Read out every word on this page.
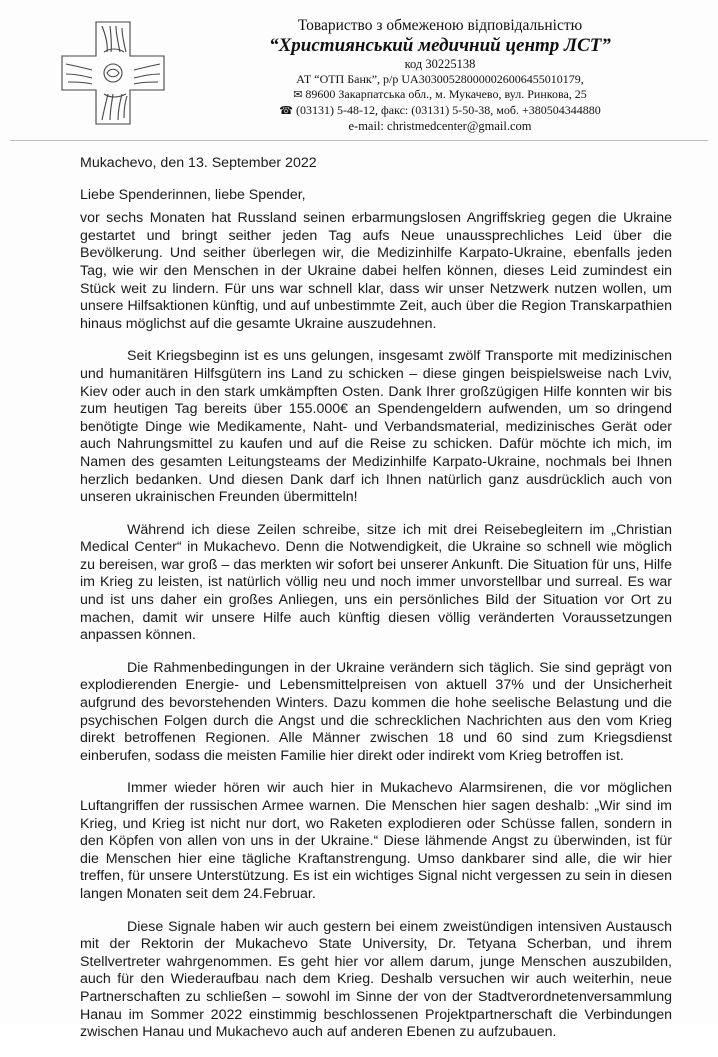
Товариство з обмеженою відповідальністю
“Християнський медичний центр ЛСТ”
код 30225138
АТ “ОТП Банк”, р/р UA303005280000026006455010179,
✉ 89600 Закарпатська обл., м. Мукачево, вул. Ринкова, 25
☎ (03131) 5-48-12, факс: (03131) 5-50-38, моб. +380504344880
e-mail: christmedcenter@gmail.com

Mukachevo, den 13. September 2022

Liebe Spenderinnen, liebe Spender,

vor sechs Monaten hat Russland seinen erbarmungslosen Angriffskrieg gegen die Ukraine gestartet und bringt seither jeden Tag aufs Neue unaussprechliches Leid über die Bevölkerung. Und seither überlegen wir, die Medizinhilfe Karpato-Ukraine, ebenfalls jeden Tag, wie wir den Menschen in der Ukraine dabei helfen können, dieses Leid zumindest ein Stück weit zu lindern. Für uns war schnell klar, dass wir unser Netzwerk nutzen wollen, um unsere Hilfsaktionen künftig, und auf unbestimmte Zeit, auch über die Region Transkarpathien hinaus möglichst auf die gesamte Ukraine auszudehnen.

Seit Kriegsbeginn ist es uns gelungen, insgesamt zwölf Transporte mit medizinischen und humanitären Hilfsgütern ins Land zu schicken – diese gingen beispielsweise nach Lviv, Kiev oder auch in den stark umkämpften Osten. Dank Ihrer großzügigen Hilfe konnten wir bis zum heutigen Tag bereits über 155.000€ an Spendengeldern aufwenden, um so dringend benötigte Dinge wie Medikamente, Naht- und Verbandsmaterial, medizinisches Gerät oder auch Nahrungsmittel zu kaufen und auf die Reise zu schicken. Dafür möchte ich mich, im Namen des gesamten Leitungsteams der Medizinhilfe Karpato-Ukraine, nochmals bei Ihnen herzlich bedanken. Und diesen Dank darf ich Ihnen natürlich ganz ausdrücklich auch von unseren ukrainischen Freunden übermitteln!

Während ich diese Zeilen schreibe, sitze ich mit drei Reisebegleitern im „Christian Medical Center“ in Mukachevo. Denn die Notwendigkeit, die Ukraine so schnell wie möglich zu bereisen, war groß – das merkten wir sofort bei unserer Ankunft. Die Situation für uns, Hilfe im Krieg zu leisten, ist natürlich völlig neu und noch immer unvorstellbar und surreal. Es war und ist uns daher ein großes Anliegen, uns ein persönliches Bild der Situation vor Ort zu machen, damit wir unsere Hilfe auch künftig diesen völlig veränderten Voraussetzungen anpassen können.

Die Rahmenbedingungen in der Ukraine verändern sich täglich. Sie sind geprägt von explodierenden Energie- und Lebensmittelpreisen von aktuell 37% und der Unsicherheit aufgrund des bevorstehenden Winters. Dazu kommen die hohe seelische Belastung und die psychischen Folgen durch die Angst und die schrecklichen Nachrichten aus den vom Krieg direkt betroffenen Regionen. Alle Männer zwischen 18 und 60 sind zum Kriegsdienst einberufen, sodass die meisten Familie hier direkt oder indirekt vom Krieg betroffen ist.

Immer wieder hören wir auch hier in Mukachevo Alarmsirenen, die vor möglichen Luftangriffen der russischen Armee warnen. Die Menschen hier sagen deshalb: „Wir sind im Krieg, und Krieg ist nicht nur dort, wo Raketen explodieren oder Schüsse fallen, sondern in den Köpfen von allen von uns in der Ukraine.“ Diese lähmende Angst zu überwinden, ist für die Menschen hier eine tägliche Kraftanstrengung. Umso dankbarer sind alle, die wir hier treffen, für unsere Unterstützung. Es ist ein wichtiges Signal nicht vergessen zu sein in diesen langen Monaten seit dem 24.Februar.

Diese Signale haben wir auch gestern bei einem zweistündigen intensiven Austausch mit der Rektorin der Mukachevo State University, Dr. Tetyana Scherban, und ihrem Stellvertreter wahrgenommen. Es geht hier vor allem darum, junge Menschen auszubilden, auch für den Wiederaufbau nach dem Krieg. Deshalb versuchen wir auch weiterhin, neue Partnerschaften zu schließen – sowohl im Sinne der von der Stadtverordnetenversammlung Hanau im Sommer 2022 einstimmig beschlossenen Projektpartnerschaft die Verbindungen zwischen Hanau und Mukachevo auch auf anderen Ebenen zu aufzubauen.
